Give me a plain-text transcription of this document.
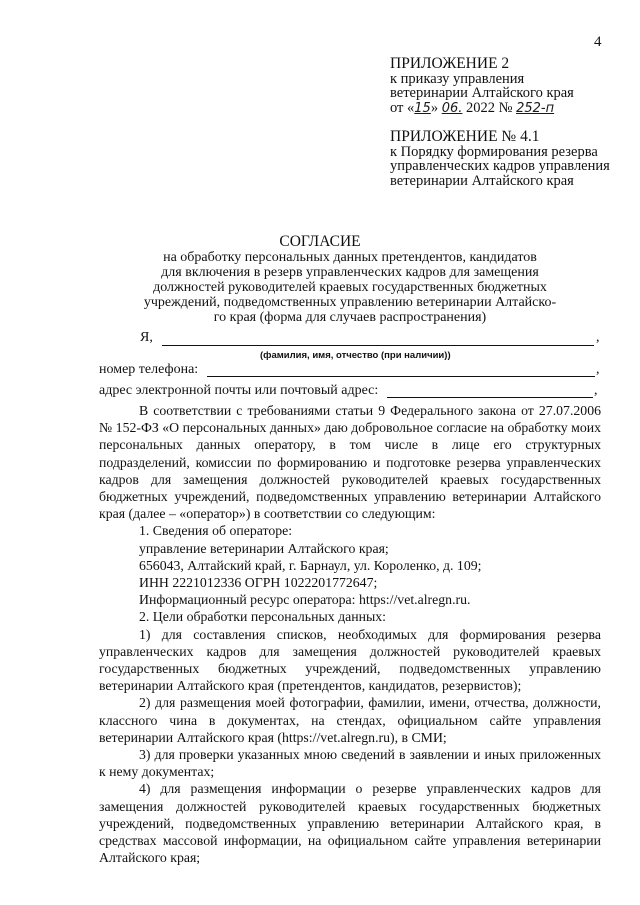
4
ПРИЛОЖЕНИЕ 2
к приказу управления
ветеринарии Алтайского края
от «15» 06. 2022 № 252-п
ПРИЛОЖЕНИЕ № 4.1
к Порядку формирования резерва
управленческих кадров управления
ветеринарии Алтайского края
СОГЛАСИЕ
на обработку персональных данных претендентов, кандидатов
для включения в резерв управленческих кадров для замещения
должностей руководителей краевых государственных бюджетных
учреждений, подведомственных управлению ветеринарии Алтайско-
го края (форма для случаев распространения)
Я,	,
(фамилия, имя, отчество (при наличии))
номер телефона:	,
адрес электронной почты или почтовый адрес:	,

В соответствии с требованиями статьи 9 Федерального закона от 27.07.2006 № 152-ФЗ «О персональных данных» даю добровольное согласие на обработку моих персональных данных оператору, в том числе в лице его структурных подразделений, комиссии по формированию и подготовке резерва управленческих кадров для замещения должностей руководителей краевых государственных бюджетных учреждений, подведомственных управлению ветеринарии Алтайского края (далее – «оператор») в соответствии со следующим:

1. Сведения об операторе:

управление ветеринарии Алтайского края;

656043, Алтайский край, г. Барнаул, ул. Короленко, д. 109;

ИНН 2221012336 ОГРН 1022201772647;

Информационный ресурс оператора: https://vet.alregn.ru.

2. Цели обработки персональных данных:

1) для составления списков, необходимых для формирования резерва управленческих кадров для замещения должностей руководителей краевых государственных бюджетных учреждений, подведомственных управлению ветеринарии Алтайского края (претендентов, кандидатов, резервистов);

2) для размещения моей фотографии, фамилии, имени, отчества, должности, классного чина в документах, на стендах, официальном сайте управления ветеринарии Алтайского края (https://vet.alregn.ru), в СМИ;

3) для проверки указанных мною сведений в заявлении и иных приложенных к нему документах;

4) для размещения информации о резерве управленческих кадров для замещения должностей руководителей краевых государственных бюджетных учреждений, подведомственных управлению ветеринарии Алтайского края, в средствах массовой информации, на официальном сайте управления ветеринарии Алтайского края;
